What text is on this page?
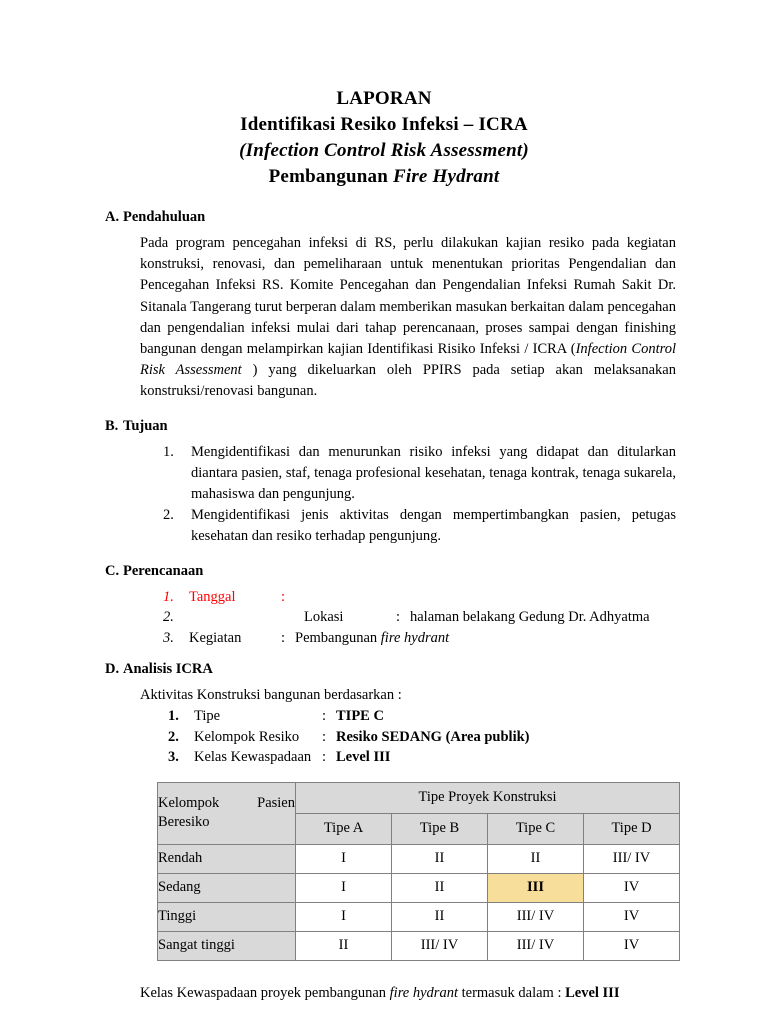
LAPORAN
Identifikasi Resiko Infeksi – ICRA
(Infection Control Risk Assessment)
Pembangunan Fire Hydrant
A. Pendahuluan
Pada program pencegahan infeksi di RS, perlu dilakukan kajian resiko pada kegiatan konstruksi, renovasi, dan pemeliharaan untuk menentukan prioritas Pengendalian dan Pencegahan Infeksi RS. Komite Pencegahan dan Pengendalian Infeksi Rumah Sakit Dr. Sitanala Tangerang turut berperan dalam memberikan masukan berkaitan dalam pencegahan dan pengendalian infeksi mulai dari tahap perencanaan, proses sampai dengan finishing bangunan dengan melampirkan kajian Identifikasi Risiko Infeksi / ICRA (Infection Control Risk Assessment ) yang dikeluarkan oleh PPIRS pada setiap akan melaksanakan konstruksi/renovasi bangunan.
B. Tujuan
1.	Mengidentifikasi dan menurunkan risiko infeksi yang didapat dan ditularkan diantara pasien, staf, tenaga profesional kesehatan, tenaga kontrak, tenaga sukarela, mahasiswa dan pengunjung.
2.	Mengidentifikasi jenis aktivitas dengan mempertimbangkan pasien, petugas kesehatan dan resiko terhadap pengunjung.
C. Perencanaan
1.	Tanggal	:
2.	Lokasi	: halaman belakang Gedung Dr. Adhyatma
3.	Kegiatan	: Pembangunan fire hydrant
D. Analisis ICRA
Aktivitas Konstruksi bangunan berdasarkan :
1.	Tipe	: TIPE C
2.	Kelompok Resiko	: Resiko SEDANG (Area publik)
3.	Kelas Kewaspadaan : Level III
Kelompok Pasien
Beresiko	Tipe Proyek Konstruksi			
	Tipe A	Tipe B	Tipe C	Tipe D
Rendah	I	II	II	III/ IV
Sedang	I	II	III	IV
Tinggi	I	II	III/ IV	IV
Sangat tinggi	II	III/ IV	III/ IV	IV
Kelas Kewaspadaan proyek pembangunan fire hydrant termasuk dalam : Level III
